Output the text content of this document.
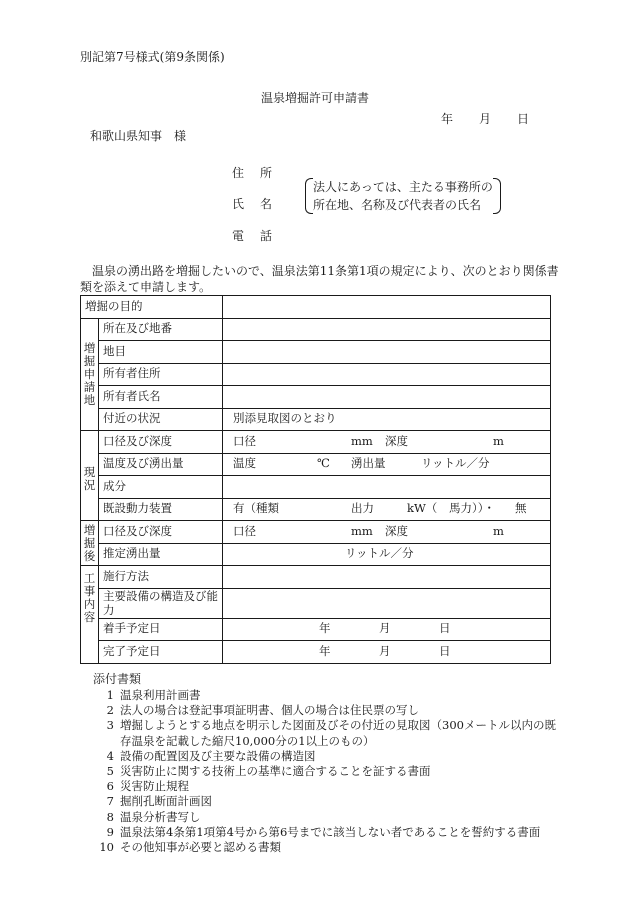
別記第7号様式(第9条関係)
温泉増掘許可申請書
年 月 日
和歌山県知事　様
住所
氏名
電話
法人にあっては、主たる事務所の
所在地、名称及び代表者の氏名
温泉の湧出路を増掘したいので、温泉法第11条第1項の規定により、次のとおり関係書類を添えて申請します。
増掘の目的		

増掘申請地	所在及び地番	
	地目	
	所有者住所	
	所有者氏名	
	付近の状況	別添見取図のとおり

現況	口径及び深度	口径 mm 深度 m

	温度及び湧出量	温度 ℃ 湧出量 リットル／分

	成分	
	既設動力装置	有（種類 出力 kW（ 馬力））・ 無

増掘後	口径及び深度	口径 mm 深度 m

	推定湧出量	リットル／分

工事内容	施行方法	
	主要設備の構造及び能力	
	着手予定日	年 月 日

	完了予定日	年 月 日
添付書類
1 温泉利用計画書
2 法人の場合は登記事項証明書、個人の場合は住民票の写し
3 増掘しようとする地点を明示した図面及びその付近の見取図（300メートル以内の既存温泉を記載した縮尺10,000分の1以上のもの）
4 設備の配置図及び主要な設備の構造図
5 災害防止に関する技術上の基準に適合することを証する書面
6 災害防止規程
7 掘削孔断面計画図
8 温泉分析書写し
9 温泉法第4条第1項第4号から第6号までに該当しない者であることを誓約する書面
10 その他知事が必要と認める書類
